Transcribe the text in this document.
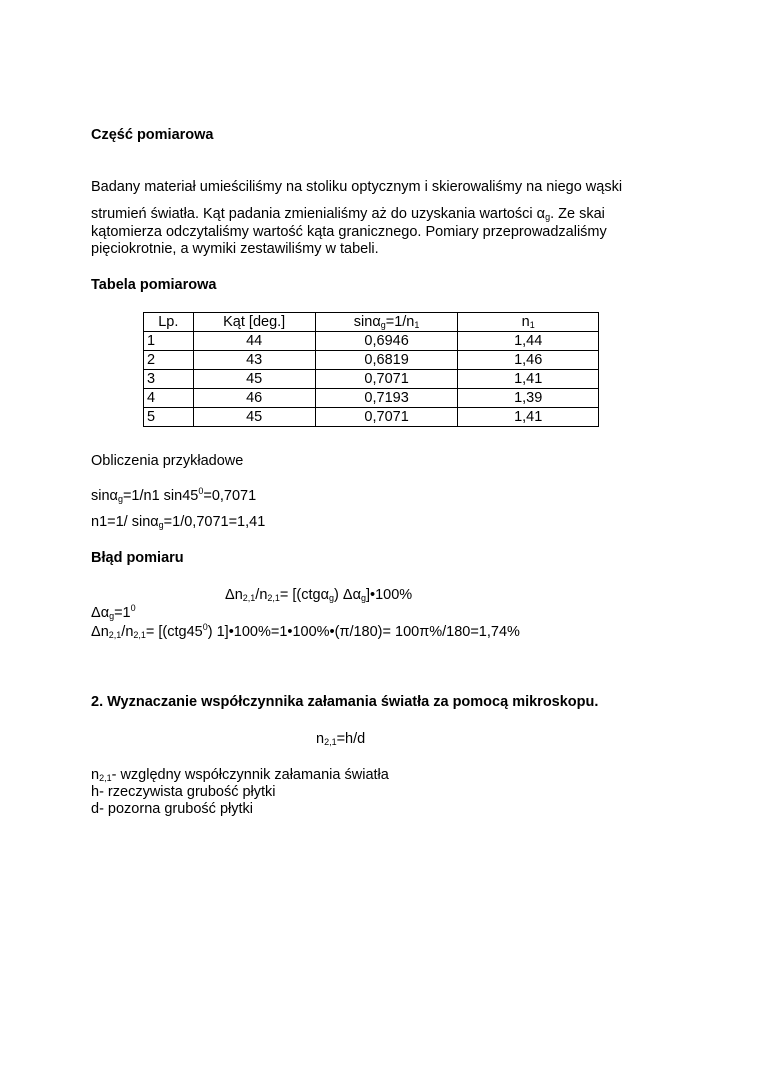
Część pomiarowa
Badany materiał umieściliśmy na stoliku optycznym i skierowaliśmy na niego wąski
strumień światła. Kąt padania zmienialiśmy aż do uzyskania wartości $\alpha_g$. Ze skai
kątomierza odczytaliśmy wartość kąta granicznego. Pomiary przeprowadzaliśmy
pięciokrotnie, a wymiki zestawiliśmy w tabeli.
Tabela pomiarowa
Lp.	Kąt [deg.]	$\sin\alpha_g=1/n_1$	$n_1$
1	44	0,6946	1,44
2	43	0,6819	1,46
3	45	0,7071	1,41
4	46	0,7193	1,39
5	45	0,7071	1,41
Obliczenia przykładowe
sinα$_g$=1/n1 $\sin 45^0=0,7071$
n1=1/ sinα$_g$=1/0,7071=1,41
Błąd pomiaru
$\Delta n_{2,1}/n_{2,1}= [(ctg\alpha_g)$ $\Delta\alpha_g]•100\%$
$\Delta\alpha_g=1^0$
$\Delta n_{2,1}/n_{2,1}= [(ctg45^0)$ 1]•100%=1•100%•(π/180)= 100π%/180=1,74%
2. Wyznaczanie współczynnika załamania światła za pomocą mikroskopu.
$n_{2,1}=h/d$
$n_{2,1}-$ względny współczynnik załamania światła
h- rzeczywista grubość płytki
d- pozorna grubość płytki
